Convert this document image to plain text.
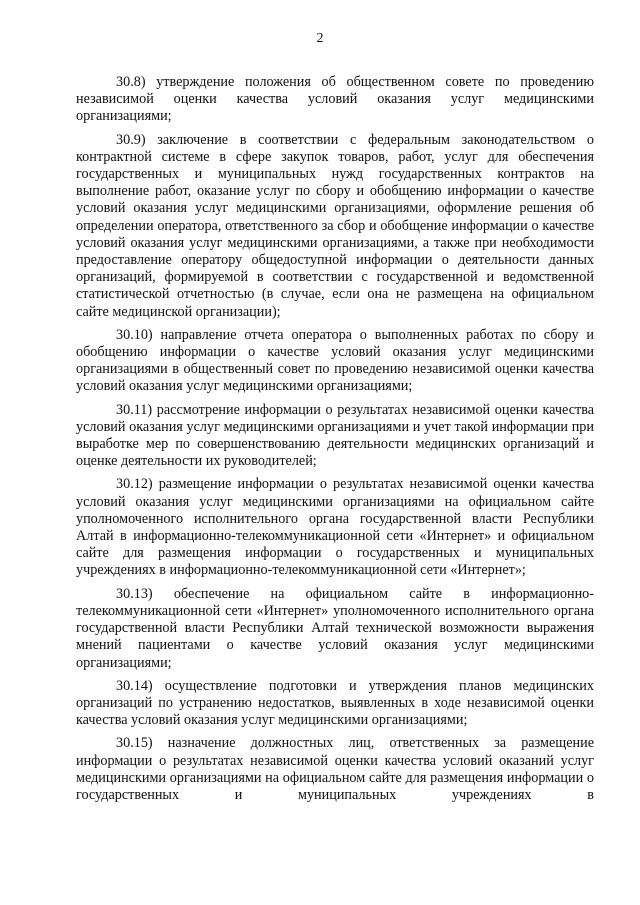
2

30.8) утверждение положения об общественном совете по проведению независимой оценки качества условий оказания услуг медицинскими организациями;

30.9) заключение в соответствии с федеральным законодательством о контрактной системе в сфере закупок товаров, работ, услуг для обеспечения государственных и муниципальных нужд государственных контрактов на выполнение работ, оказание услуг по сбору и обобщению информации о качестве условий оказания услуг медицинскими организациями, оформление решения об определении оператора, ответственного за сбор и обобщение информации о качестве условий оказания услуг медицинскими организациями, а также при необходимости предоставление оператору общедоступной информации о деятельности данных организаций, формируемой в соответствии с государственной и ведомственной статистической отчетностью (в случае, если она не размещена на официальном сайте медицинской организации);

30.10) направление отчета оператора о выполненных работах по сбору и обобщению информации о качестве условий оказания услуг медицинскими организациями в общественный совет по проведению независимой оценки качества условий оказания услуг медицинскими организациями;

30.11) рассмотрение информации о результатах независимой оценки качества условий оказания услуг медицинскими организациями и учет такой информации при выработке мер по совершенствованию деятельности медицинских организаций и оценке деятельности их руководителей;

30.12) размещение информации о результатах независимой оценки качества условий оказания услуг медицинскими организациями на официальном сайте уполномоченного исполнительного органа государственной власти Республики Алтай в информационно-телекоммуникационной сети «Интернет» и официальном сайте для размещения информации о государственных и муниципальных учреждениях в информационно-телекоммуникационной сети «Интернет»;

30.13) обеспечение на официальном сайте в информационно-телекоммуникационной сети «Интернет» уполномоченного исполнительного органа государственной власти Республики Алтай технической возможности выражения мнений пациентами о качестве условий оказания услуг медицинскими организациями;

30.14) осуществление подготовки и утверждения планов медицинских организаций по устранению недостатков, выявленных в ходе независимой оценки качества условий оказания услуг медицинскими организациями;

30.15) назначение должностных лиц, ответственных за размещение информации о результатах независимой оценки качества условий оказаний услуг медицинскими организациями на официальном сайте для размещения информации о государственных и муниципальных учреждениях в
